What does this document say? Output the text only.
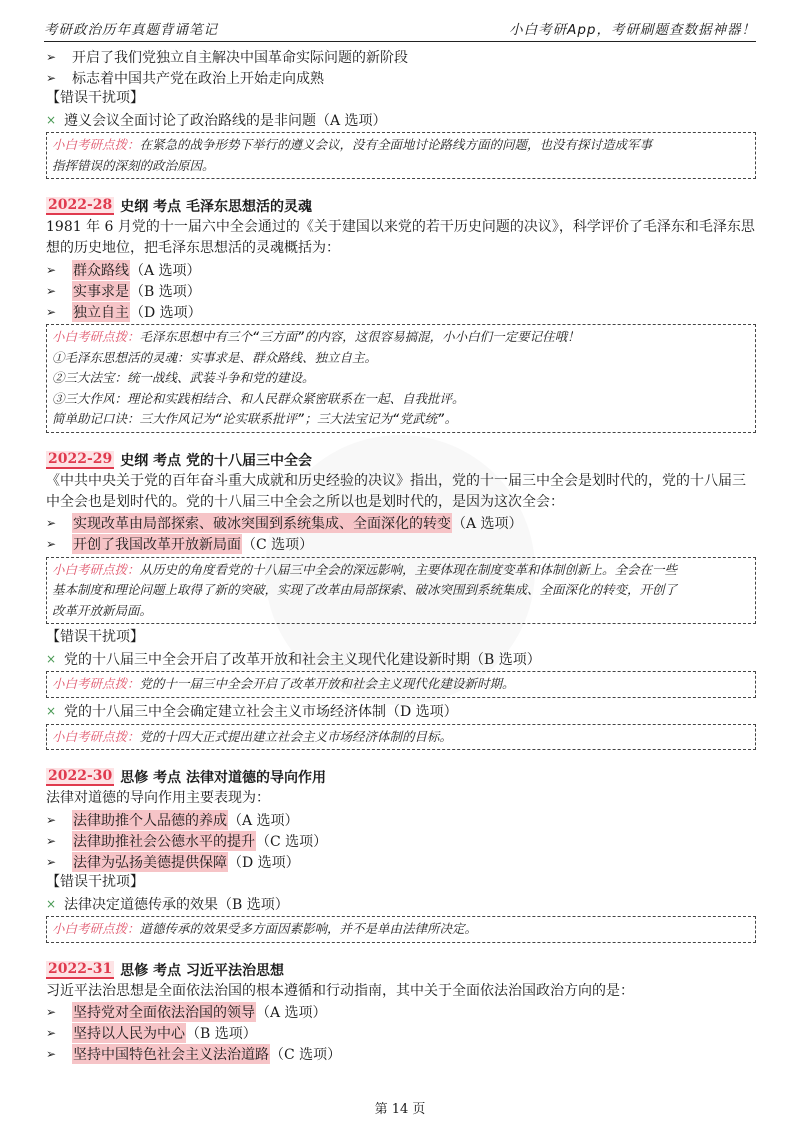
考研政治历年真题背诵笔记	小白考研App，考研刷题查数据神器！
➢	开启了我们党独立自主解决中国革命实际问题的新阶段
➢	标志着中国共产党在政治上开始走向成熟
【错误干扰项】
× 遵义会议全面讨论了政治路线的是非问题（A 选项）
小白考研点拨：在紧急的战争形势下举行的遵义会议，没有全面地讨论路线方面的问题，也没有探讨造成军事
指挥错误的深刻的政治原因。
2022-28 史纲 考点 毛泽东思想活的灵魂
1981 年 6 月党的十一届六中全会通过的《关于建国以来党的若干历史问题的决议》，科学评价了毛泽东和毛泽东思
想的历史地位，把毛泽东思想活的灵魂概括为：
➢	群众路线 （A 选项）
➢	实事求是 （B 选项）
➢	独立自主 （D 选项）
小白考研点拨：毛泽东思想中有三个“三方面”的内容，这很容易搞混，小小白们一定要记住哦！
①毛泽东思想活的灵魂：实事求是、群众路线、独立自主。
②三大法宝：统一战线、武装斗争和党的建设。
③三大作风：理论和实践相结合、和人民群众紧密联系在一起、自我批评。
简单助记口诀：三大作风记为“论实联系批评”；三大法宝记为“党武统”。
2022-29 史纲 考点 党的十八届三中全会
《中共中央关于党的百年奋斗重大成就和历史经验的决议》指出，党的十一届三中全会是划时代的，党的十八届三
中全会也是划时代的。党的十八届三中全会之所以也是划时代的，是因为这次全会：
➢	实现改革由局部探索、破冰突围到系统集成、全面深化的转变 （A 选项）
➢	开创了我国改革开放新局面 （C 选项）
小白考研点拨：从历史的角度看党的十八届三中全会的深远影响，主要体现在制度变革和体制创新上。全会在一些
基本制度和理论问题上取得了新的突破，实现了改革由局部探索、破冰突围到系统集成、全面深化的转变，开创了
改革开放新局面。
【错误干扰项】
× 党的十八届三中全会开启了改革开放和社会主义现代化建设新时期（B 选项）
小白考研点拨：党的十一届三中全会开启了改革开放和社会主义现代化建设新时期。
× 党的十八届三中全会确定建立社会主义市场经济体制（D 选项）
小白考研点拨：党的十四大正式提出建立社会主义市场经济体制的目标。
2022-30 思修 考点 法律对道德的导向作用
法律对道德的导向作用主要表现为：
➢	法律助推个人品德的养成 （A 选项）
➢	法律助推社会公德水平的提升 （C 选项）
➢	法律为弘扬美德提供保障 （D 选项）
【错误干扰项】
× 法律决定道德传承的效果（B 选项）
小白考研点拨：道德传承的效果受多方面因素影响，并不是单由法律所决定。
2022-31 思修 考点 习近平法治思想
习近平法治思想是全面依法治国的根本遵循和行动指南，其中关于全面依法治国政治方向的是：
➢	坚持党对全面依法治国的领导 （A 选项）
➢	坚持以人民为中心 （B 选项）
➢	坚持中国特色社会主义法治道路 （C 选项）
第 14 页
